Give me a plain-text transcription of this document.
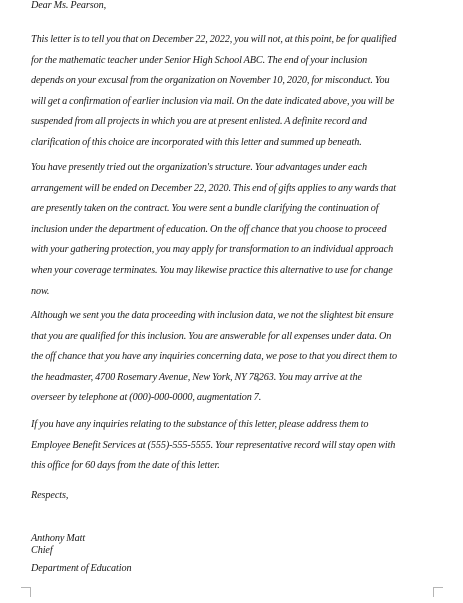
Dear Ms. Pearson,
This letter is to tell you that on December 22, 2022, you will not, at this point, be for qualified
for the mathematic teacher under Senior High School ABC. The end of your inclusion
depends on your excusal from the organization on November 10, 2020, for misconduct. You
will get a confirmation of earlier inclusion via mail. On the date indicated above, you will be
suspended from all projects in which you are at present enlisted. A definite record and
clarification of this choice are incorporated with this letter and summed up beneath.
You have presently tried out the organization's structure. Your advantages under each
arrangement will be ended on December 22, 2020. This end of gifts applies to any wards that
are presently taken on the contract. You were sent a bundle clarifying the continuation of
inclusion under the department of education. On the off chance that you choose to proceed
with your gathering protection, you may apply for transformation to an individual approach
when your coverage terminates. You may likewise practice this alternative to use for change
now.
Although we sent you the data proceeding with inclusion data, we not the slightest bit ensure
that you are qualified for this inclusion. You are answerable for all expenses under data. On
the off chance that you have any inquiries concerning data, we pose to that you direct them to
the headmaster, 4700 Rosemary Avenue, New York, NY 78263. You may arrive at the
overseer by telephone at (000)-000-0000, augmentation 7.
If you have any inquiries relating to the substance of this letter, please address them to
Employee Benefit Services at (555)-555-5555. Your representative record will stay open with
this office for 60 days from the date of this letter.
Respects,
Anthony Matt
Chief
Department of Education
